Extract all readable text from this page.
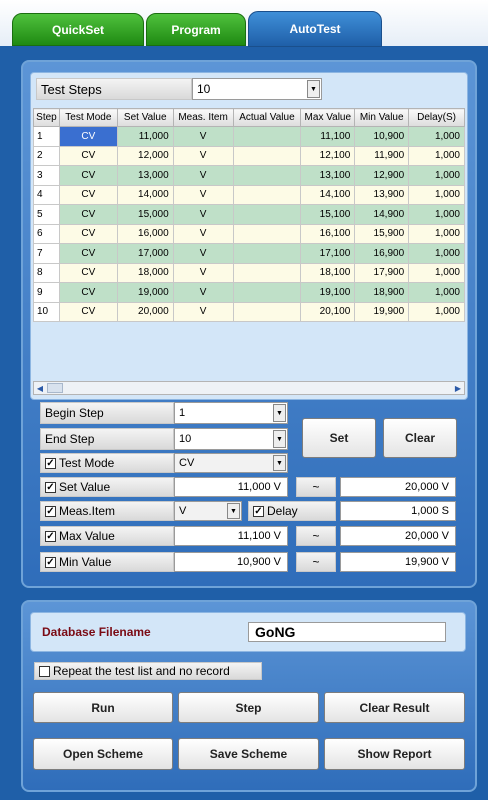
QuickSet	Program	AutoTest
Test Steps	10	▼
Step	Test Mode	Set Value	Meas. Item	Actual Value	Max Value	Min Value	Delay(S)
1	CV	11,000	V		11,100	10,900	1,000
2	CV	12,000	V		12,100	11,900	1,000
3	CV	13,000	V		13,100	12,900	1,000
4	CV	14,000	V		14,100	13,900	1,000
5	CV	15,000	V		15,100	14,900	1,000
6	CV	16,000	V		16,100	15,900	1,000
7	CV	17,000	V		17,100	16,900	1,000
8	CV	18,000	V		18,100	17,900	1,000
9	CV	19,000	V		19,100	18,900	1,000
10	CV	20,000	V		20,100	19,900	1,000
◀	▶
Begin Step	1	▼
End Step	10	▼	Set	Clear
✓ Test Mode	CV	▼
✓ Set Value	11,000 V	~	20,000 V
✓ Meas.Item	V	▼	✓ Delay	1,000 S
✓ Max Value	11,100 V	~	20,000 V
✓ Min Value	10,900 V	~	19,900 V
Database Filename	GoNG
Repeat the test list and no record
Run	Step	Clear Result
Open Scheme	Save Scheme	Show Report
